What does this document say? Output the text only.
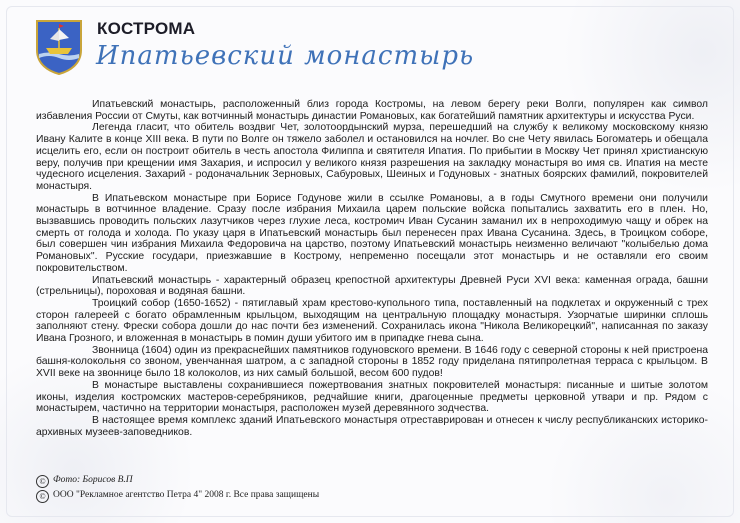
КОСТРОМА
Ипатьевский монастырь

Ипатьевский монастырь, расположенный близ города Костромы, на левом берегу реки Волги, популярен как символ избавления России от Смуты, как вотчинный монастырь династии Романовых, как богатейший памятник архитектуры и искусства Руси.

Легенда гласит, что обитель воздвиг Чет, золотоордынский мурза, перешедший на службу к великому московскому князю Ивану Калите в конце XIII века. В пути по Волге он тяжело заболел и остановился на ночлег. Во сне Чету явилась Богоматерь и обещала исцелить его, если он построит обитель в честь апостола Филиппа и святителя Ипатия. По прибытии в Москву Чет принял христианскую веру, получив при крещении имя Захария, и испросил у великого князя разрешения на закладку монастыря во имя св. Ипатия на месте чудесного исцеления. Захарий - родоначальник Зерновых, Сабуровых, Шеиных и Годуновых - знатных боярских фамилий, покровителей монастыря.

В Ипатьевском монастыре при Борисе Годунове жили в ссылке Романовы, а в годы Смутного времени они получили монастырь в вотчинное владение. Сразу после избрания Михаила царем польские войска попытались захватить его в плен. Но, вызвавшись проводить польских лазутчиков через глухие леса, костромич Иван Сусанин заманил их в непроходимую чащу и обрек на смерть от голода и холода. По указу царя в Ипатьевский монастырь был перенесен прах Ивана Сусанина. Здесь, в Троицком соборе, был совершен чин избрания Михаила Федоровича на царство, поэтому Ипатьевский монастырь неизменно величают "колыбелью дома Романовых". Русские государи, приезжавшие в Кострому, непременно посещали этот монастырь и не оставляли его своим покровительством.

Ипатьевский монастырь - характерный образец крепостной архитектуры Древней Руси XVI века: каменная ограда, башни (стрельницы), пороховая и водяная башни.

Троицкий собор (1650-1652) - пятиглавый храм крестово-купольного типа, поставленный на подклетах и окруженный с трех сторон галереей с богато обрамленным крыльцом, выходящим на центральную площадку монастыря. Узорчатые ширинки сплошь заполняют стену. Фрески собора дошли до нас почти без изменений. Сохранилась икона "Никола Великорецкий", написанная по заказу Ивана Грозного, и вложенная в монастырь в помин души убитого им в припадке гнева сына.

Звонница (1604) один из прекраснейших памятников годуновского времени. В 1646 году с северной стороны к ней пристроена башня-колокольня со звоном, увенчанная шатром, а с западной стороны в 1852 году приделана пятипролетная терраса с крыльцом. В XVII веке на звоннице было 18 колоколов, из них самый большой, весом 600 пудов!

В монастыре выставлены сохранившиеся пожертвования знатных покровителей монастыря: писанные и шитые золотом иконы, изделия костромских мастеров-серебряников, редчайшие книги, драгоценные предметы церковной утвари и пр. Рядом с монастырем, частично на территории монастыря, расположен музей деревянного зодчества.

В настоящее время комплекс зданий Ипатьевского монастыря отреставрирован и отнесен к числу республиканских историко-архивных музеев-заповедников.

© Фото: Борисов В.П
© ООО "Рекламное агентство Петра 4" 2008 г. Все права защищены
